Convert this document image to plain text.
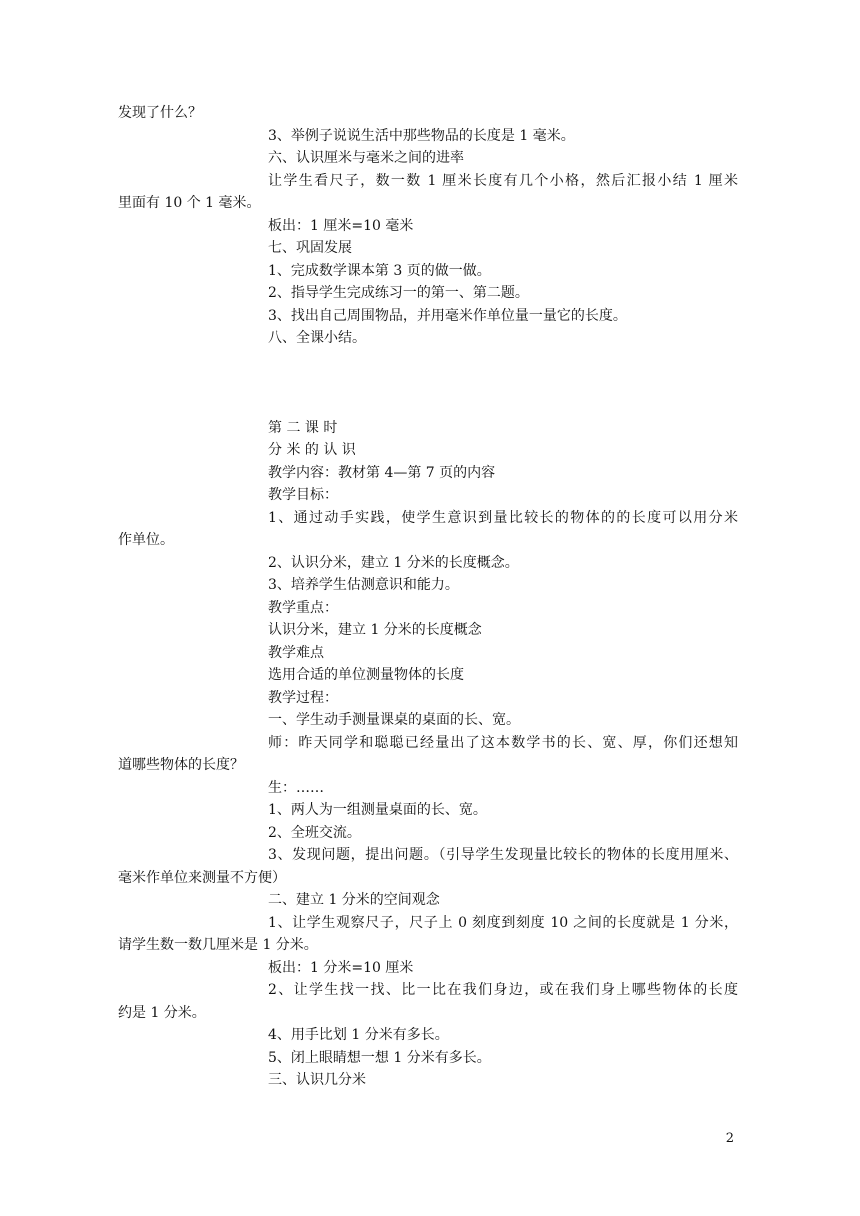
发现了什么？
3、举例子说说生活中那些物品的长度是 1 毫米。
六、认识厘米与毫米之间的进率
让学生看尺子，数一数 1 厘米长度有几个小格，然后汇报小结 1 厘米
里面有 10 个 1 毫米。
板出：1 厘米=10 毫米
七、巩固发展
1、完成数学课本第 3 页的做一做。
2、指导学生完成练习一的第一、第二题。
3、找出自己周围物品，并用毫米作单位量一量它的长度。
八、全课小结。
第 二 课 时
分 米 的 认 识
教学内容：教材第 4—第 7 页的内容
教学目标：
1、通过动手实践，使学生意识到量比较长的物体的的长度可以用分米
作单位。
2、认识分米，建立 1 分米的长度概念。
3、培养学生估测意识和能力。
教学重点：
认识分米，建立 1 分米的长度概念
教学难点
选用合适的单位测量物体的长度
教学过程：
一、学生动手测量课桌的桌面的长、宽。
师：昨天同学和聪聪已经量出了这本数学书的长、宽、厚，你们还想知
道哪些物体的长度？
生：……
1、两人为一组测量桌面的长、宽。
2、全班交流。
3、发现问题，提出问题。（引导学生发现量比较长的物体的长度用厘米、
毫米作单位来测量不方便）
二、建立 1 分米的空间观念
1、让学生观察尺子，尺子上 0 刻度到刻度 10 之间的长度就是 1 分米，
请学生数一数几厘米是 1 分米。
板出：1 分米=10 厘米
2、让学生找一找、比一比在我们身边，或在我们身上哪些物体的长度
约是 1 分米。
4、用手比划 1 分米有多长。
5、闭上眼睛想一想 1 分米有多长。
三、认识几分米
2
